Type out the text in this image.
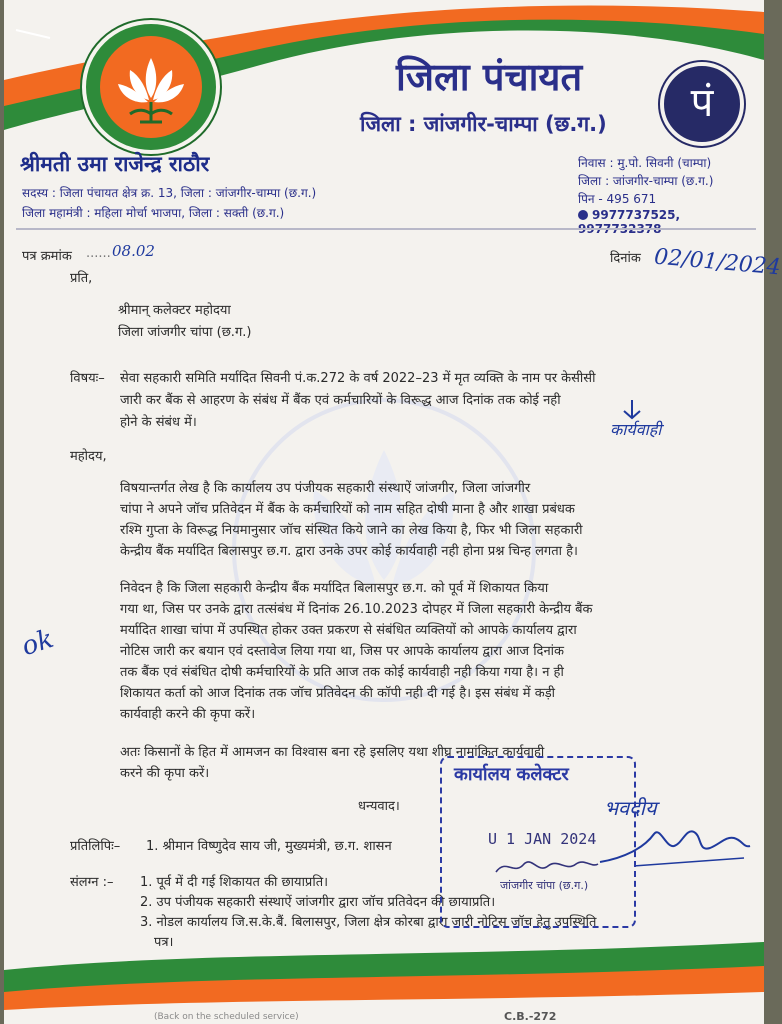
जिला पंचायत
जिला : जांजगीर-चाम्पा (छ.ग.)	पं
श्रीमती उमा राजेन्द्र राठौर
सदस्य : जिला पंचायत क्षेत्र क्र. 13, जिला : जांजगीर-चाम्पा (छ.ग.)
जिला महामंत्री : महिला मोर्चा भाजपा, जिला : सक्ती (छ.ग.)
निवास : मु.पो. सिवनी (चाम्पा)
जिला : जांजगीर-चाम्पा (छ.ग.)
पिन - 495 671
9977737525,
पत्र क्रमांक ...... 08.02	दिनांक 02/01/2024
प्रति,
श्रीमान् कलेक्टर महोदया
जिला जांजगीर चांपा (छ.ग.)
विषयः– सेवा सहकारी समिति मर्यादित सिवनी पं.क.272 के वर्ष 2022–23 में मृत व्यक्ति के नाम पर केसीसी
जारी कर बैंक से आहरण के संबंध में बैंक एवं कर्मचारियों के विरूद्ध आज दिनांक तक कोई नही
होने के संबंध में।	कार्यवाही
महोदय,
विषयान्तर्गत लेख है कि कार्यालय उप पंजीयक सहकारी संस्थाऐं जांजगीर, जिला जांजगीर
चांपा ने अपने जॉच प्रतिवेदन में बैंक के कर्मचारियों को नाम सहित दोषी माना है और शाखा प्रबंधक
रश्मि गुप्ता के विरूद्ध नियमानुसार जॉच संस्थित किये जाने का लेख किया है, फिर भी जिला सहकारी
केन्द्रीय बैंक मर्यादित बिलासपुर छ.ग. द्वारा उनके उपर कोई कार्यवाही नही होना प्रश्न चिन्ह लगता है।
निवेदन है कि जिला सहकारी केन्द्रीय बैंक मर्यादित बिलासपुर छ.ग. को पूर्व में शिकायत किया
गया था, जिस पर उनके द्वारा तत्संबंध में दिनांक 26.10.2023 दोपहर में जिला सहकारी केन्द्रीय बैंक
मर्यादित शाखा चांपा में उपस्थित होकर उक्त प्रकरण से संबंधित व्यक्तियों को आपके कार्यालय द्वारा
नोटिस जारी कर बयान एवं दस्तावेज लिया गया था, जिस पर आपके कार्यालय द्वारा आज दिनांक
तक बैंक एवं संबंधित दोषी कर्मचारियों के प्रति आज तक कोई कार्यवाही नही किया गया है। न ही
शिकायत कर्ता को आज दिनांक तक जॉच प्रतिवेदन की कॉपी नही दी गई है। इस संबंध में कड़ी
कार्यवाही करने की कृपा करें।
ok
अतः किसानों के हित में आमजन का विश्वास बना रहे इसलिए यथा शीघ्र नामांकित कार्यवाही
करने की कृपा करें।
धन्यवाद।	भवदीय
प्रतिलिपिः– 1. श्रीमान विष्णुदेव साय जी, मुख्यमंत्री, छ.ग. शासन
संलग्न :– 1. पूर्व में दी गई शिकायत की छायाप्रति।
2. उप पंजीयक सहकारी संस्थाऐं जांजगीर द्वारा जॉच प्रतिवेदन की छायाप्रति।
3. नोडल कार्यालय जि.स.के.बैं. बिलासपुर, जिला क्षेत्र कोरबा द्वारा जारी नोटिस जॉच हेतु उपस्थिति
पत्र।
कार्यालय कलेक्टर
U 1 JAN 2024
जांजगीर चांपा (छ.ग.)
(Back on the scheduled service)	C.B.-272
